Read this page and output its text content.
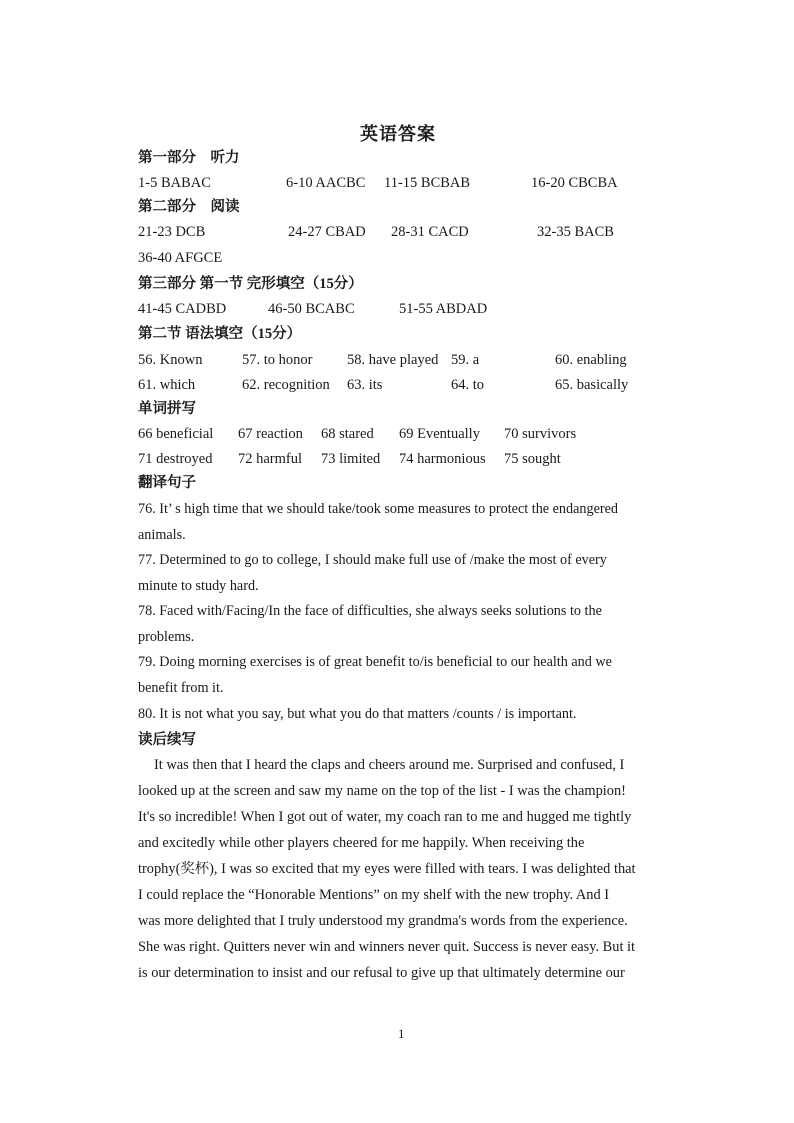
英语答案
第一部分　听力
1-5 BABAC	6-10 AACBC 11-15 BCBAB	16-20 CBCBA
第二部分　阅读
21-23 DCB	24-27 CBAD 28-31 CACD	32-35 BACB
36-40 AFGCE
第三部分 第一节 完形填空（15分）
41-45 CADBD	46-50 BCABC	51-55 ABDAD
第二节 语法填空（15分）
56. Known	57. to honor 58. have played 59. a	60. enabling
61. which	62. recognition 63. its	64. to	65. basically
单词拼写
66 beneficial 67 reaction 68 stared 69 Eventually 70 survivors
71 destroyed 72 harmful 73 limited 74 harmonious 75 sought
翻译句子
76. It’ s high time that we should take/took some measures to protect the endangered
animals.
77. Determined to go to college, I should make full use of /make the most of every
minute to study hard.
78. Faced with/Facing/In the face of difficulties, she always seeks solutions to the
problems.
79. Doing morning exercises is of great benefit to/is beneficial to our health and we
benefit from it.
80. It is not what you say, but what you do that matters /counts / is important.
读后续写
It was then that I heard the claps and cheers around me. Surprised and confused, I
looked up at the screen and saw my name on the top of the list - I was the champion!
It's so incredible! When I got out of water, my coach ran to me and hugged me tightly
and excitedly while other players cheered for me happily. When receiving the
trophy(奖杯), I was so excited that my eyes were filled with tears. I was delighted that
I could replace the “Honorable Mentions” on my shelf with the new trophy. And I
was more delighted that I truly understood my grandma's words from the experience.
She was right. Quitters never win and winners never quit. Success is never easy. But it
is our determination to insist and our refusal to give up that ultimately determine our
1
